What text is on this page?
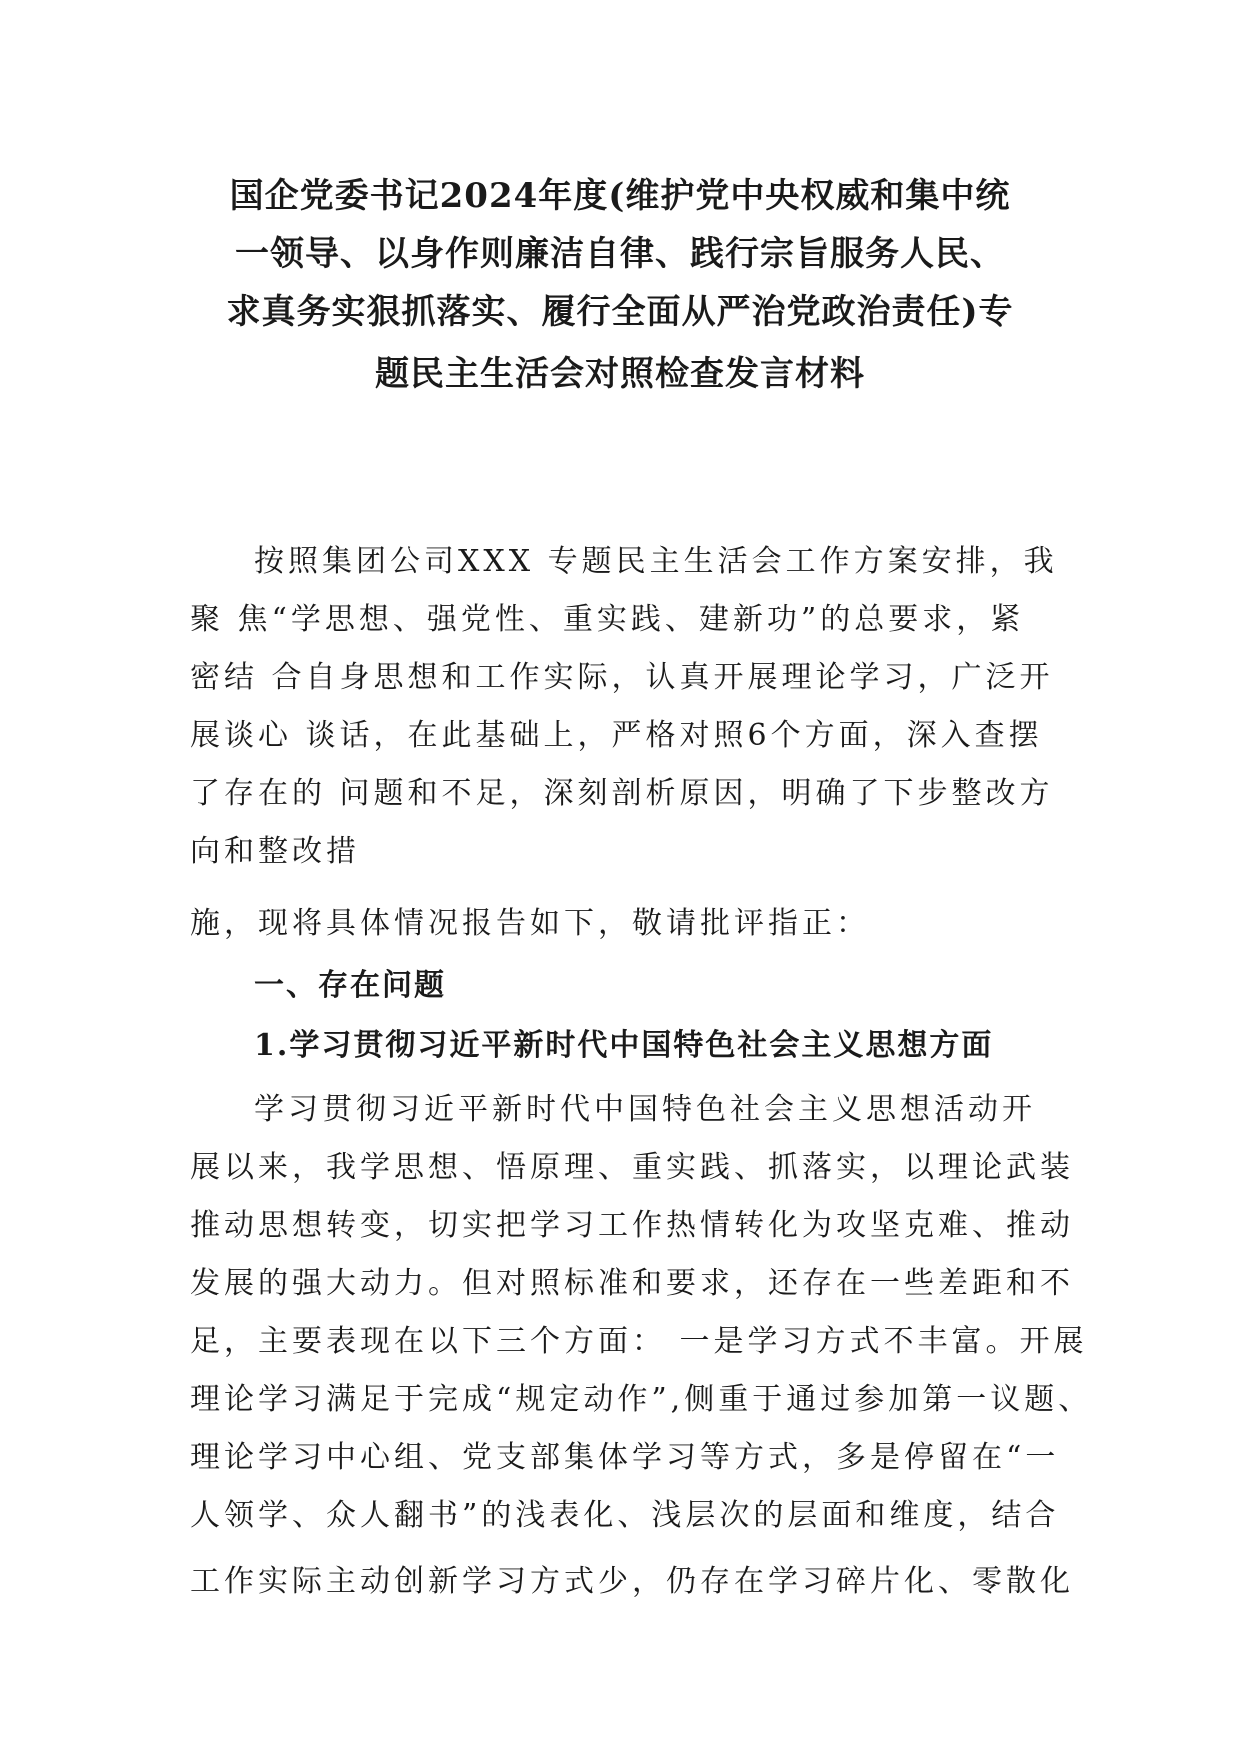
国企党委书记2024年度(维护党中央权威和集中统
一领导、以身作则廉洁自律、践行宗旨服务人民、
求真务实狠抓落实、履行全面从严治党政治责任)专
题民主生活会对照检查发言材料
按照集团公司XXX 专题民主生活会工作方案安排，我
聚 焦“学思想、强党性、重实践、建新功”的总要求，紧
密结 合自身思想和工作实际，认真开展理论学习，广泛开
展谈心 谈话，在此基础上，严格对照6个方面，深入查摆
了存在的 问题和不足，深刻剖析原因，明确了下步整改方
向和整改措
施，现将具体情况报告如下，敬请批评指正：
一、存在问题
1.学习贯彻习近平新时代中国特色社会主义思想方面
学习贯彻习近平新时代中国特色社会主义思想活动开
展以来，我学思想、悟原理、重实践、抓落实，以理论武装
推动思想转变，切实把学习工作热情转化为攻坚克难、推动
发展的强大动力。但对照标准和要求，还存在一些差距和不
足，主要表现在以下三个方面： 一是学习方式不丰富。开展
理论学习满足于完成“规定动作”,侧重于通过参加第一议题、
理论学习中心组、党支部集体学习等方式，多是停留在“一
人领学、众人翻书”的浅表化、浅层次的层面和维度，结合
工作实际主动创新学习方式少，仍存在学习碎片化、零散化
